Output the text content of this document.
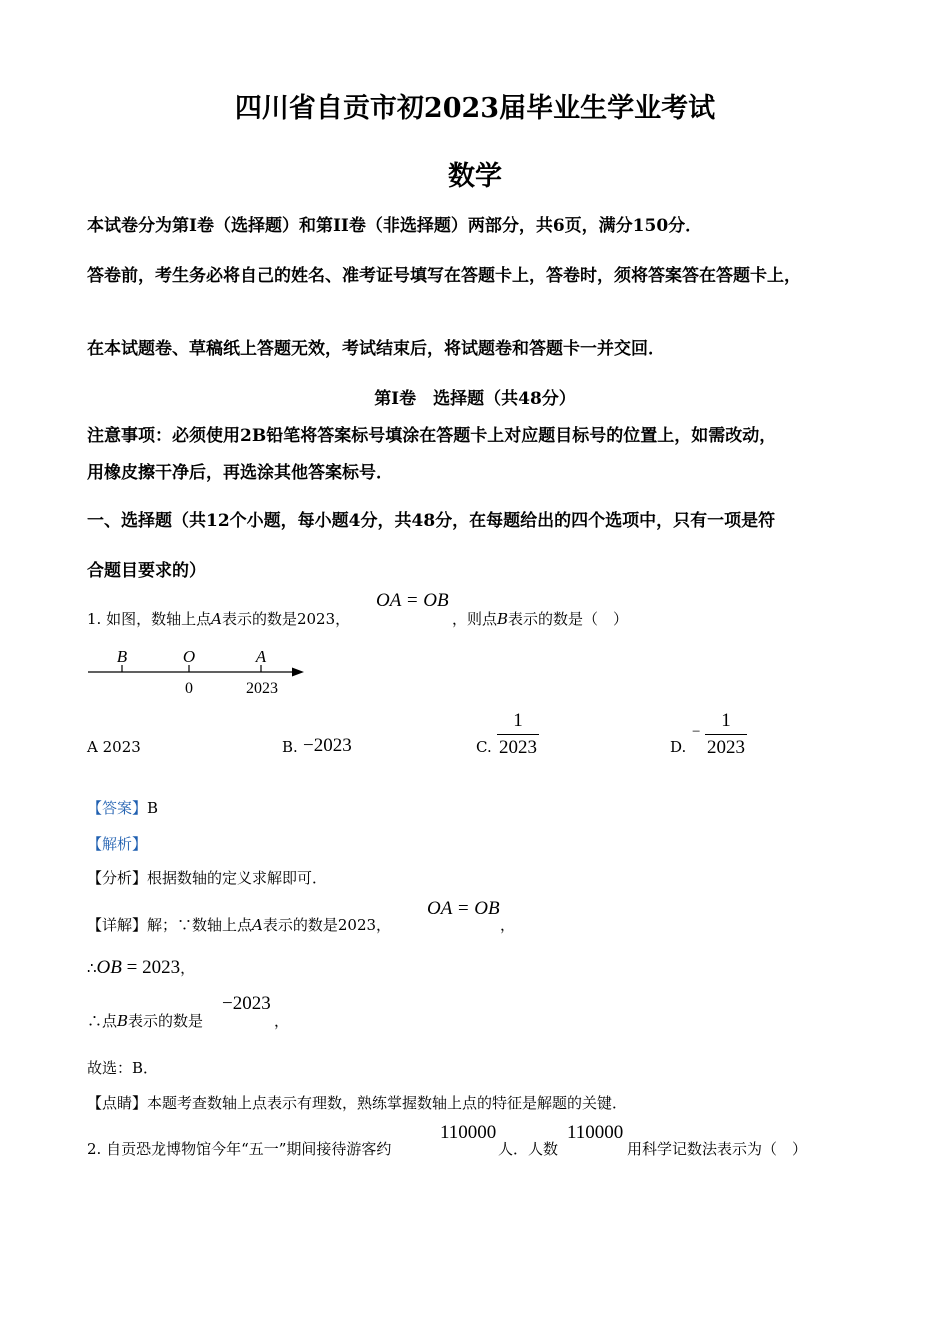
四川省自贡市初2023届毕业生学业考试
数学
本试卷分为第I卷（选择题）和第II卷（非选择题）两部分，共6页，满分150分．
答卷前，考生务必将自己的姓名、准考证号填写在答题卡上，答卷时，须将答案答在答题卡上，
在本试题卷、草稿纸上答题无效，考试结束后，将试题卷和答题卡一并交回．
第I卷　选择题（共48分）
注意事项：必须使用2B铅笔将答案标号填涂在答题卡上对应题目标号的位置上，如需改动，
用橡皮擦干净后，再选涂其他答案标号．
一、选择题（共12个小题，每小题4分，共48分，在每题给出的四个选项中，只有一项是符
合题目要求的）
1. 如图，数轴上点A表示的数是2023，
OA = OB
，则点B表示的数是（　）
B	O	A
0	2023
A 2023	B. −2023	C.
1
2023	D.
−
1
2023
【答案】B
【解析】
【分析】根据数轴的定义求解即可．
【详解】解；∵数轴上点A表示的数是2023，
OA = OB
，
∴OB = 2023，
∴点B表示的数是
−2023
，
故选：B．
【点睛】本题考查数轴上点表示有理数，熟练掌握数轴上点的特征是解题的关键．
2. 自贡恐龙博物馆今年“五一”期间接待游客约
110000
人．人数
110000
用科学记数法表示为（　）
